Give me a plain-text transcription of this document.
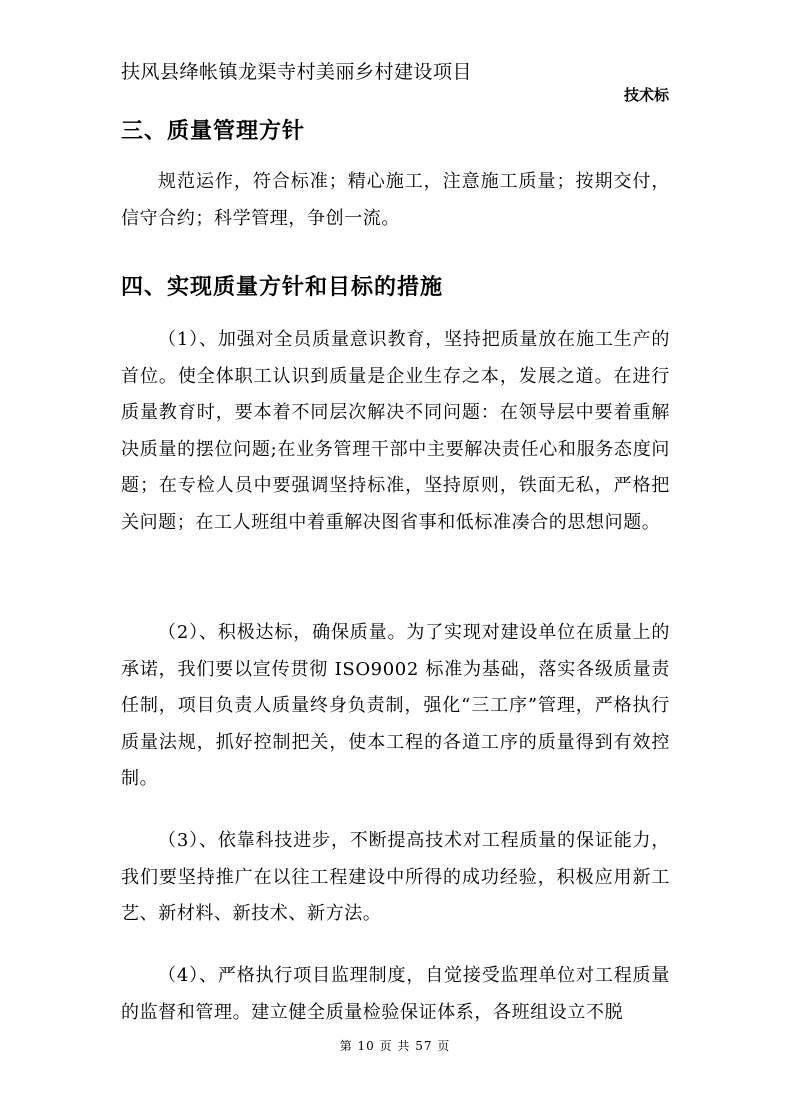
扶风县绛帐镇龙渠寺村美丽乡村建设项目
技术标
三、质量管理方针

规范运作，符合标准；精心施工，注意施工质量；按期交付，信守合约；科学管理，争创一流。

四、实现质量方针和目标的措施

（1）、加强对全员质量意识教育，坚持把质量放在施工生产的首位。使全体职工认识到质量是企业生存之本，发展之道。在进行质量教育时，要本着不同层次解决不同问题：在领导层中要着重解决质量的摆位问题;在业务管理干部中主要解决责任心和服务态度问题；在专检人员中要强调坚持标准，坚持原则，铁面无私，严格把关问题；在工人班组中着重解决图省事和低标准凑合的思想问题。

（2）、积极达标，确保质量。为了实现对建设单位在质量上的承诺，我们要以宣传贯彻 ISO9002 标准为基础，落实各级质量责任制，项目负责人质量终身负责制，强化“三工序”管理，严格执行质量法规，抓好控制把关，使本工程的各道工序的质量得到有效控制。

（3）、依靠科技进步，不断提高技术对工程质量的保证能力，我们要坚持推广在以往工程建设中所得的成功经验，积极应用新工艺、新材料、新技术、新方法。

（4）、严格执行项目监理制度，自觉接受监理单位对工程质量的监督和管理。建立健全质量检验保证体系，各班组设立不脱

第 10 页 共 57 页
